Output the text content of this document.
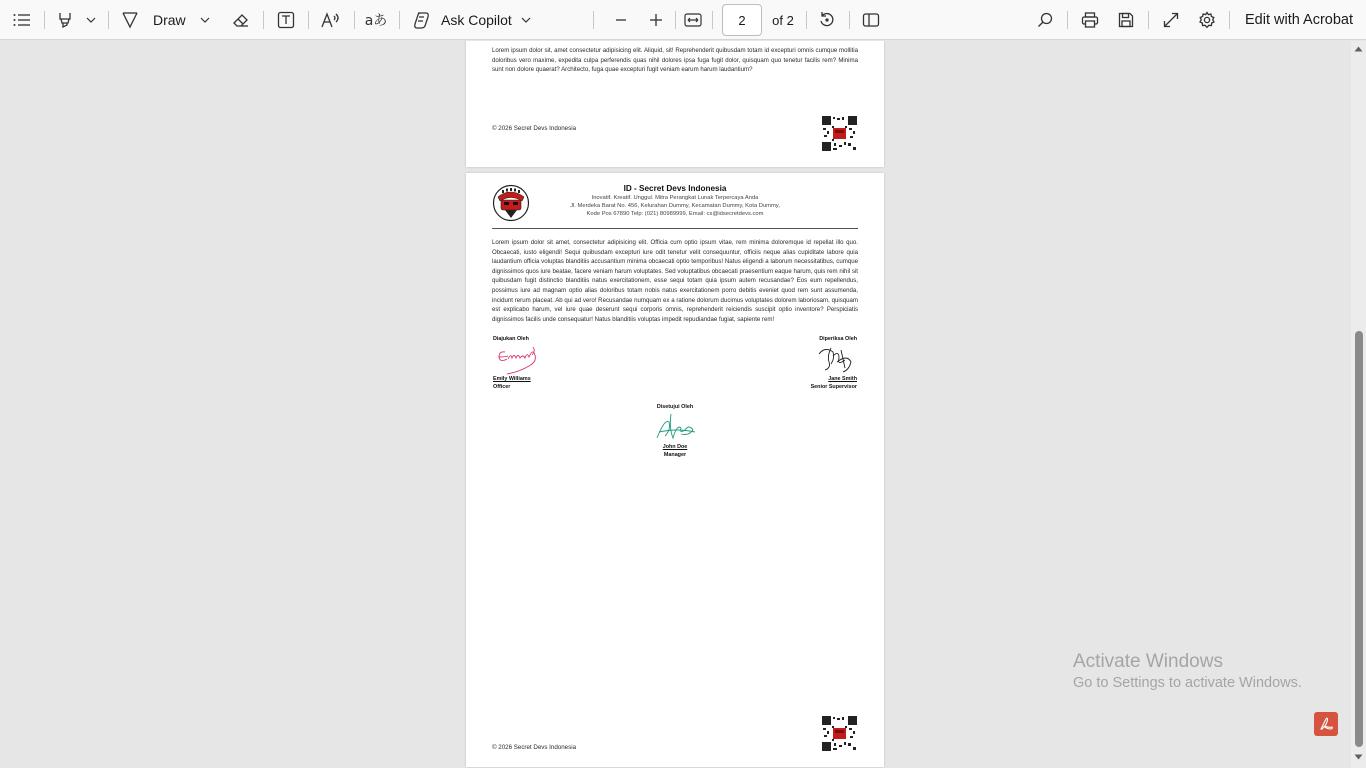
Draw	aあ	Ask Copilot
2	of 2	Edit with Acrobat

Lorem ipsum dolor sit, amet consectetur adipisicing elit. Aliquid, sit! Reprehenderit quibusdam totam id excepturi omnis cumque mollitia doloribus vero maxime, expedita culpa perferendis quas nihil dolores ipsa fuga fugit dolor, quisquam quo tenetur facilis rem? Minima sunt non dolore quaerat? Architecto, fuga quae excepturi fugit veniam earum harum laudantium?

© 2026 Secret Devs Indonesia
ID - Secret Devs Indonesia
Inovatif. Kreatif. Unggul. Mitra Perangkat Lunak Terpercaya Anda
Jl. Merdeka Barat No. 456, Kelurahan Dummy, Kecamatan Dummy, Kota Dummy,
Kode Pos 67890 Telp: (021) 80989999, Email: cs@idsecretdevs.com

Lorem ipsum dolor sit amet, consectetur adipisicing elit. Officia cum optio ipsum vitae, rem minima doloremque id repellat illo quo. Obcaecati, iusto eligendi! Sequi quibusdam excepturi iure odit tenetur velit consequuntur, officiis neque alias cupiditate labore quia laudantium officia voluptas blanditiis accusantium minima obcaecati optio temporibus! Natus eligendi a laborum necessitatibus, cumque dignissimos quos iure beatae, facere veniam harum voluptates. Sed voluptatibus obcaecati praesentium eaque harum, quis rem nihil sit quibusdam fugit distinctio blanditiis natus exercitationem, esse sequi totam quia ipsum autem recusandae? Eos eum repellendus, possimus iure ad magnam optio alias doloribus totam nobis natus exercitationem porro debitis eveniet quod rem sunt assumenda, incidunt rerum placeat. Ab qui ad vero! Recusandae numquam ex a ratione dolorum ducimus voluptates dolorem laboriosam, quisquam est explicabo harum, vel iure quae deserunt sequi corporis omnis, reprehenderit reiciendis suscipit optio inventore? Perspiciatis dignissimos facilis unde consequatur! Natus blanditiis voluptas impedit repudiandae fugiat, sapiente rem!

Diajukan Oleh
Emily Williams
Officer
Diperiksa Oleh
Jane Smith
Senior Supervisor
Disetujui Oleh
John Doe
Manager
© 2026 Secret Devs Indonesia
Activate Windows
Go to Settings to activate Windows.
